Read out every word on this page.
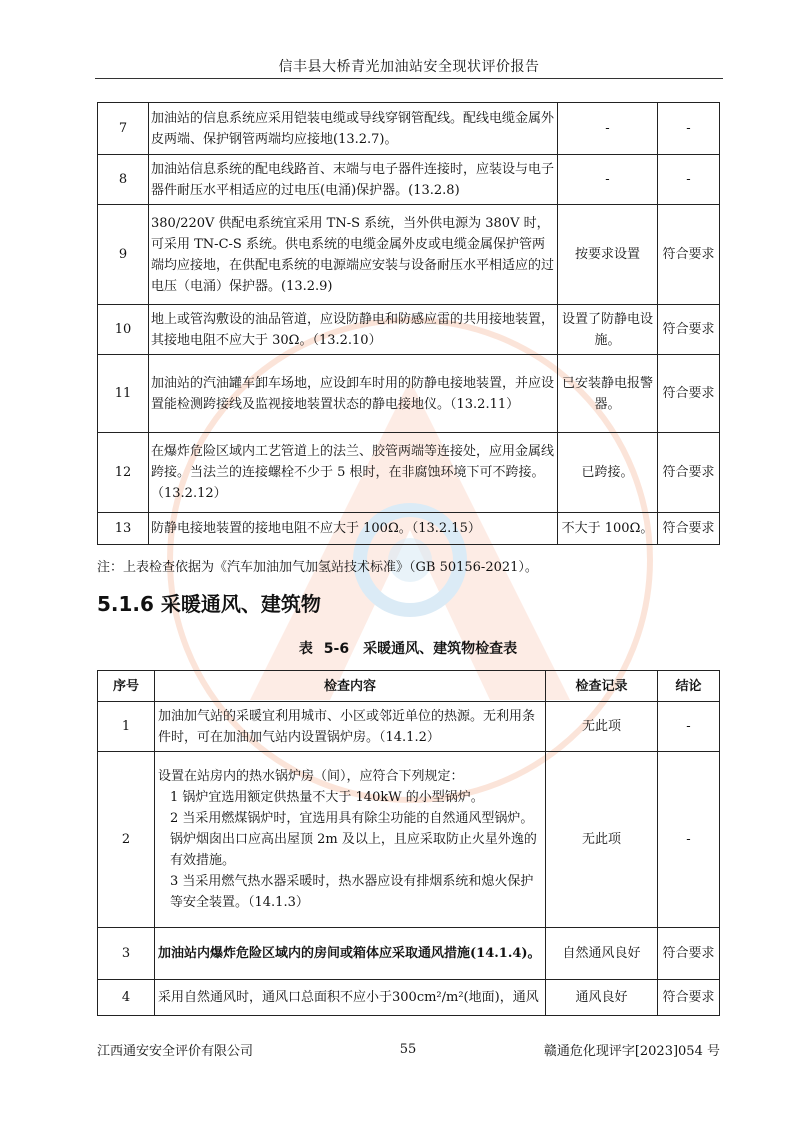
信丰县大桥青光加油站安全现状评价报告
7	加油站的信息系统应采用铠装电缆或导线穿钢管配线。配线电缆金属外皮两端、保护钢管两端均应接地(13.2.7)。	-	-
8	加油站信息系统的配电线路首、末端与电子器件连接时，应装设与电子器件耐压水平相适应的过电压(电涌)保护器。(13.2.8)	-	-
9	380/220V 供配电系统宜采用 TN-S 系统，当外供电源为 380V 时，可采用 TN-C-S 系统。供电系统的电缆金属外皮或电缆金属保护管两端均应接地，在供配电系统的电源端应安装与设备耐压水平相适应的过电压（电涌）保护器。(13.2.9)	按要求设置	符合要求
10	地上或管沟敷设的油品管道，应设防静电和防感应雷的共用接地装置，其接地电阻不应大于 30Ω。（13.2.10）	设置了防静电设施。	符合要求
11	加油站的汽油罐车卸车场地，应设卸车时用的防静电接地装置，并应设置能检测跨接线及监视接地装置状态的静电接地仪。（13.2.11）	已安装静电报警器。	符合要求
12	在爆炸危险区域内工艺管道上的法兰、胶管两端等连接处，应用金属线跨接。当法兰的连接螺栓不少于 5 根时，在非腐蚀环境下可不跨接。（13.2.12）	已跨接。	符合要求
13	防静电接地装置的接地电阻不应大于 100Ω。（13.2.15）	不大于 100Ω。	符合要求
注：上表检查依据为《汽车加油加气加氢站技术标准》（GB 50156-2021）。
5.1.6 采暖通风、建筑物
表 5-6　采暖通风、建筑物检查表
序号	检查内容	检查记录	结论
1	加油加气站的采暖宜利用城市、小区或邻近单位的热源。无利用条件时，可在加油加气站内设置锅炉房。（14.1.2）	无此项	-
2	设置在站房内的热水锅炉房（间），应符合下列规定：
1 锅炉宜选用额定供热量不大于 140kW 的小型锅炉。
2 当采用燃煤锅炉时，宜选用具有除尘功能的自然通风型锅炉。锅炉烟囱出口应高出屋顶 2m 及以上，且应采取防止火星外逸的有效措施。
3 当采用燃气热水器采暖时，热水器应设有排烟系统和熄火保护等安全装置。（14.1.3）	无此项	-
3	加油站内爆炸危险区域内的房间或箱体应采取通风措施(14.1.4)。	自然通风良好	符合要求
4	采用自然通风时，通风口总面积不应小于300cm²/m²(地面)，通风	通风良好	符合要求
江西通安安全评价有限公司	55	赣通危化现评字[2023]054 号
